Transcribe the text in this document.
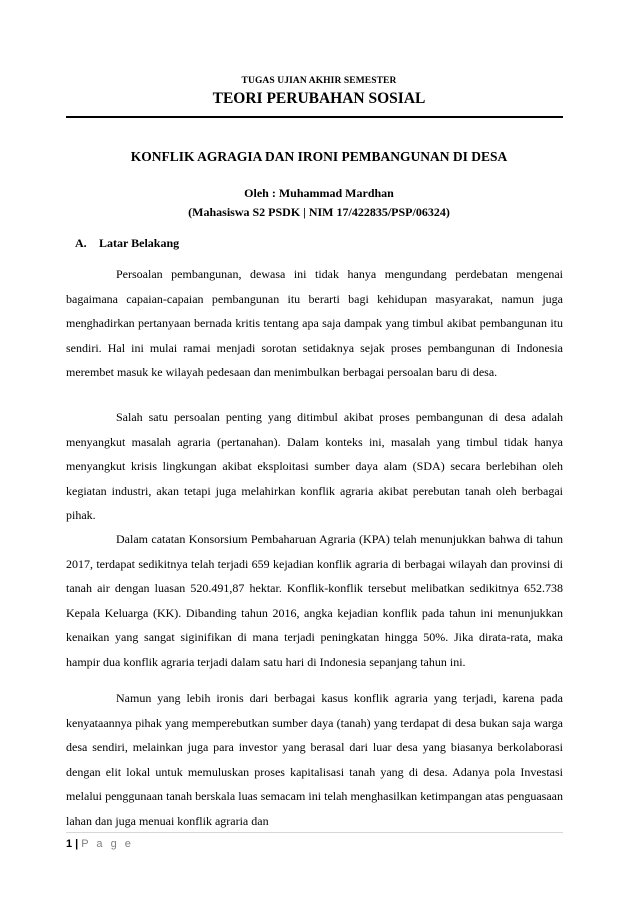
TUGAS UJIAN AKHIR SEMESTER
TEORI PERUBAHAN SOSIAL
KONFLIK AGRAGIA DAN IRONI PEMBANGUNAN DI DESA
Oleh : Muhammad Mardhan
(Mahasiswa S2 PSDK | NIM 17/422835/PSP/06324)
A. Latar Belakang

Persoalan pembangunan, dewasa ini tidak hanya mengundang perdebatan mengenai bagaimana capaian-capaian pembangunan itu berarti bagi kehidupan masyarakat, namun juga menghadirkan pertanyaan bernada kritis tentang apa saja dampak yang timbul akibat pembangunan itu sendiri. Hal ini mulai ramai menjadi sorotan setidaknya sejak proses pembangunan di Indonesia merembet masuk ke wilayah pedesaan dan menimbulkan berbagai persoalan baru di desa.

Salah satu persoalan penting yang ditimbul akibat proses pembangunan di desa adalah menyangkut masalah agraria (pertanahan). Dalam konteks ini, masalah yang timbul tidak hanya menyangkut krisis lingkungan akibat eksploitasi sumber daya alam (SDA) secara berlebihan oleh kegiatan industri, akan tetapi juga melahirkan konflik agraria akibat perebutan tanah oleh berbagai pihak.

Dalam catatan Konsorsium Pembaharuan Agraria (KPA) telah menunjukkan bahwa di tahun 2017, terdapat sedikitnya telah terjadi 659 kejadian konflik agraria di berbagai wilayah dan provinsi di tanah air dengan luasan 520.491,87 hektar. Konflik-konflik tersebut melibatkan sedikitnya 652.738 Kepala Keluarga (KK). Dibanding tahun 2016, angka kejadian konflik pada tahun ini menunjukkan kenaikan yang sangat siginifikan di mana terjadi peningkatan hingga 50%. Jika dirata-rata, maka hampir dua konflik agraria terjadi dalam satu hari di Indonesia sepanjang tahun ini.

Namun yang lebih ironis dari berbagai kasus konflik agraria yang terjadi, karena pada kenyataannya pihak yang memperebutkan sumber daya (tanah) yang terdapat di desa bukan saja warga desa sendiri, melainkan juga para investor yang berasal dari luar desa yang biasanya berkolaborasi dengan elit lokal untuk memuluskan proses kapitalisasi tanah yang di desa. Adanya pola Investasi melalui penggunaan tanah berskala luas semacam ini telah menghasilkan ketimpangan atas penguasaan lahan dan juga menuai konflik agraria dan

1 | P a g e
